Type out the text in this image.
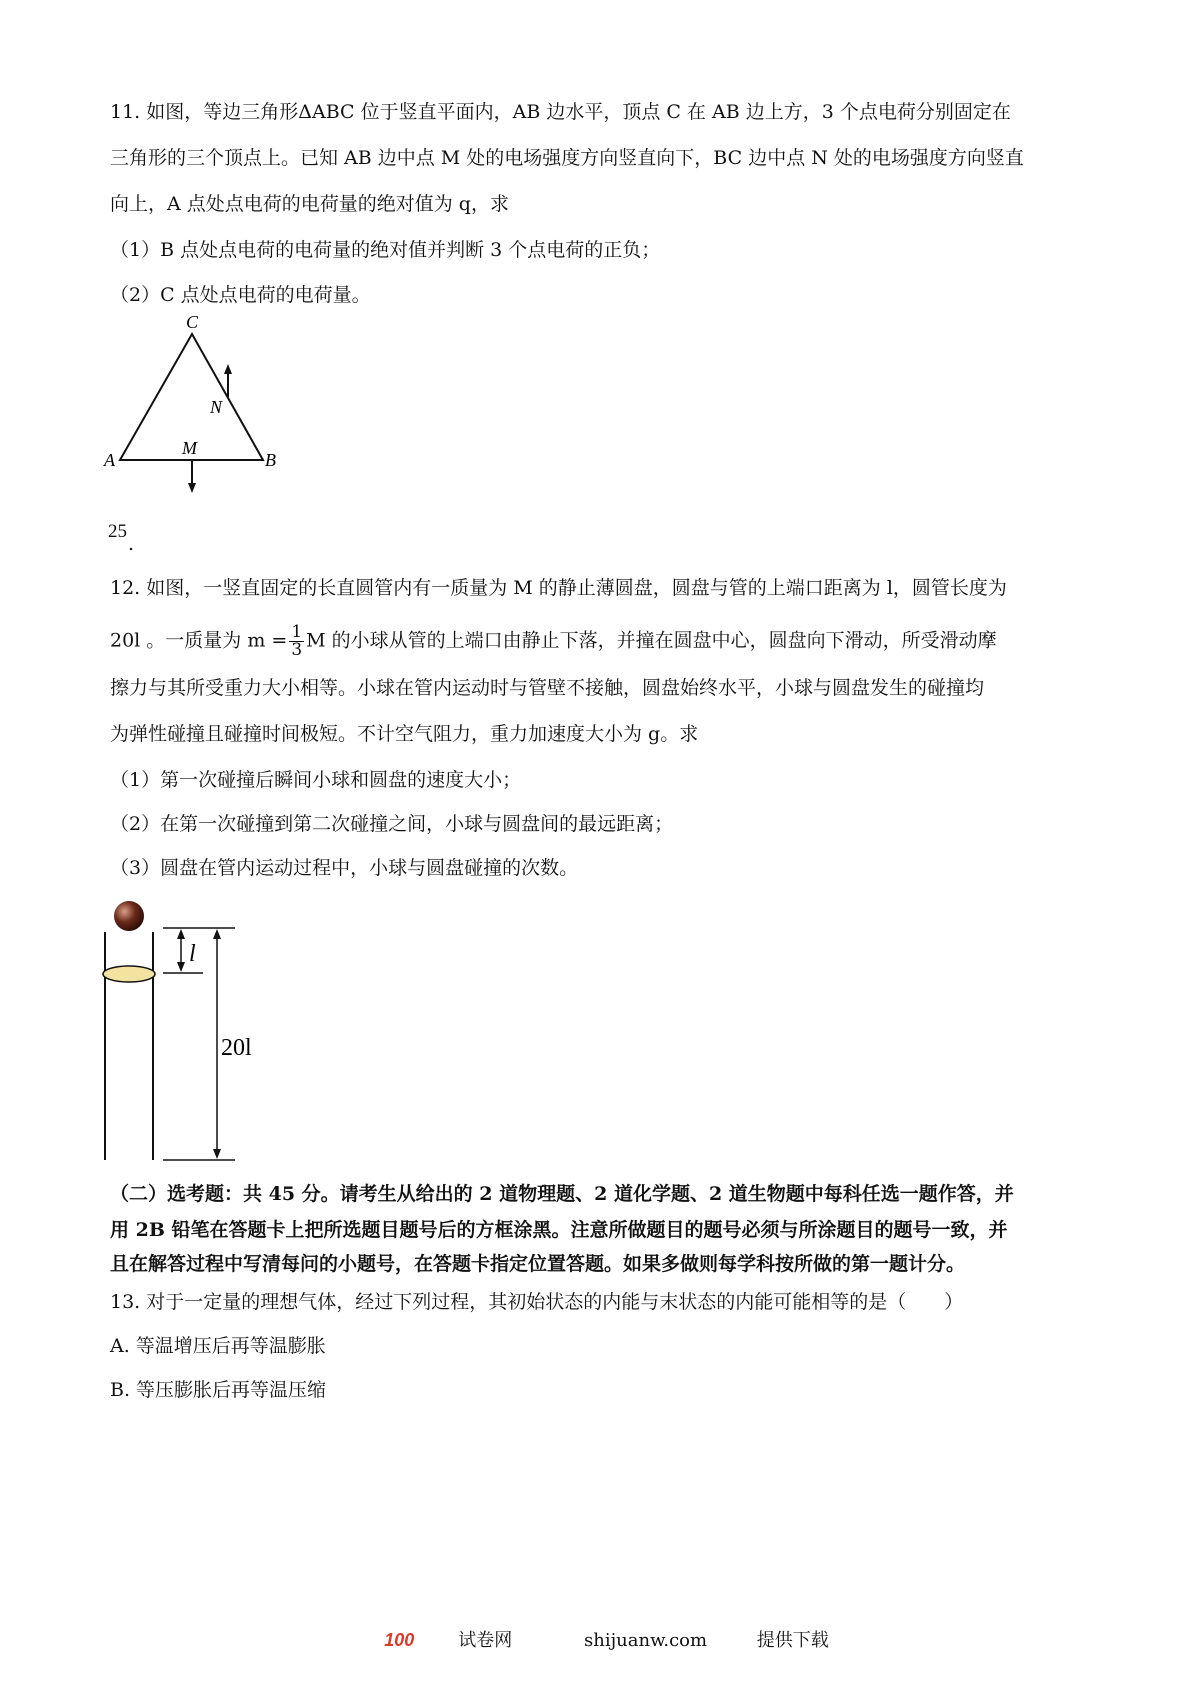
11. 如图，等边三角形ΔABC 位于竖直平面内，AB 边水平，顶点 C 在 AB 边上方，3 个点电荷分别固定在
三角形的三个顶点上。已知 AB 边中点 M 处的电场强度方向竖直向下，BC 边中点 N 处的电场强度方向竖直
向上，A 点处点电荷的电荷量的绝对值为 q，求
（1）B 点处点电荷的电荷量的绝对值并判断 3 个点电荷的正负；
（2）C 点处点电荷的电荷量。
C
A	B
M
N
25
.
12. 如图，一竖直固定的长直圆管内有一质量为 M 的静止薄圆盘，圆盘与管的上端口距离为 l，圆管长度为
20l 。一质量为 $m = \frac{1}{3}$ M 的小球从管的上端口由静止下落，并撞在圆盘中心，圆盘向下滑动，所受滑动摩
擦力与其所受重力大小相等。小球在管内运动时与管壁不接触，圆盘始终水平，小球与圆盘发生的碰撞均
为弹性碰撞且碰撞时间极短。不计空气阻力，重力加速度大小为 g。求
（1）第一次碰撞后瞬间小球和圆盘的速度大小；
（2）在第一次碰撞到第二次碰撞之间，小球与圆盘间的最远距离；
（3）圆盘在管内运动过程中，小球与圆盘碰撞的次数。
l
20l
（二）选考题：共 45 分。请考生从给出的 2 道物理题、2 道化学题、2 道生物题中每科任选一题作答，并
用 2B 铅笔在答题卡上把所选题目题号后的方框涂黑。注意所做题目的题号必须与所涂题目的题号一致，并
且在解答过程中写清每问的小题号，在答题卡指定位置答题。如果多做则每学科按所做的第一题计分。
13. 对于一定量的理想气体，经过下列过程，其初始状态的内能与末状态的内能可能相等的是（　　）
A. 等温增压后再等温膨胀
B. 等压膨胀后再等温压缩
100 试卷网	shijuanw.com	提供下载
